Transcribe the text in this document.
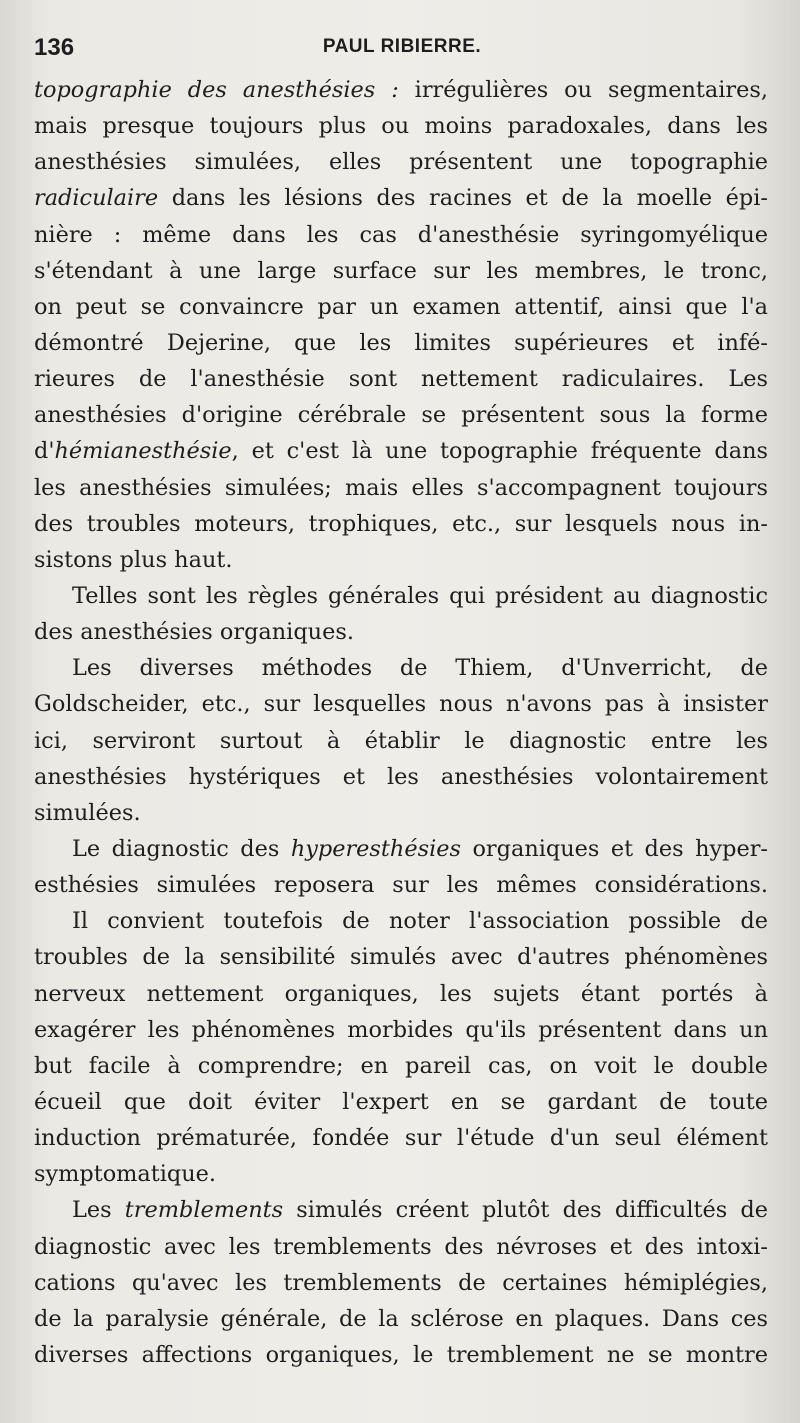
136	PAUL RIBIERRE.
topographie des anesthésies : irrégulières ou segmentaires,
mais presque toujours plus ou moins paradoxales, dans les
anesthésies simulées, elles présentent une topographie
radiculaire dans les lésions des racines et de la moelle épi-
nière : même dans les cas d'anesthésie syringomyélique
s'étendant à une large surface sur les membres, le tronc,
on peut se convaincre par un examen attentif, ainsi que l'a
démontré Dejerine, que les limites supérieures et infé-
rieures de l'anesthésie sont nettement radiculaires. Les
anesthésies d'origine cérébrale se présentent sous la forme
d'hémianesthésie, et c'est là une topographie fréquente dans
les anesthésies simulées; mais elles s'accompagnent toujours
des troubles moteurs, trophiques, etc., sur lesquels nous in-
sistons plus haut.
Telles sont les règles générales qui président au diagnostic
des anesthésies organiques.
Les diverses méthodes de Thiem, d'Unverricht, de
Goldscheider, etc., sur lesquelles nous n'avons pas à insister
ici, serviront surtout à établir le diagnostic entre les
anesthésies hystériques et les anesthésies volontairement
simulées.
Le diagnostic des hyperesthésies organiques et des hyper-
esthésies simulées reposera sur les mêmes considérations.
Il convient toutefois de noter l'association possible de
troubles de la sensibilité simulés avec d'autres phénomènes
nerveux nettement organiques, les sujets étant portés à
exagérer les phénomènes morbides qu'ils présentent dans un
but facile à comprendre; en pareil cas, on voit le double
écueil que doit éviter l'expert en se gardant de toute
induction prématurée, fondée sur l'étude d'un seul élément
symptomatique.
Les tremblements simulés créent plutôt des difficultés de
diagnostic avec les tremblements des névroses et des intoxi-
cations qu'avec les tremblements de certaines hémiplégies,
de la paralysie générale, de la sclérose en plaques. Dans ces
diverses affections organiques, le tremblement ne se montre
